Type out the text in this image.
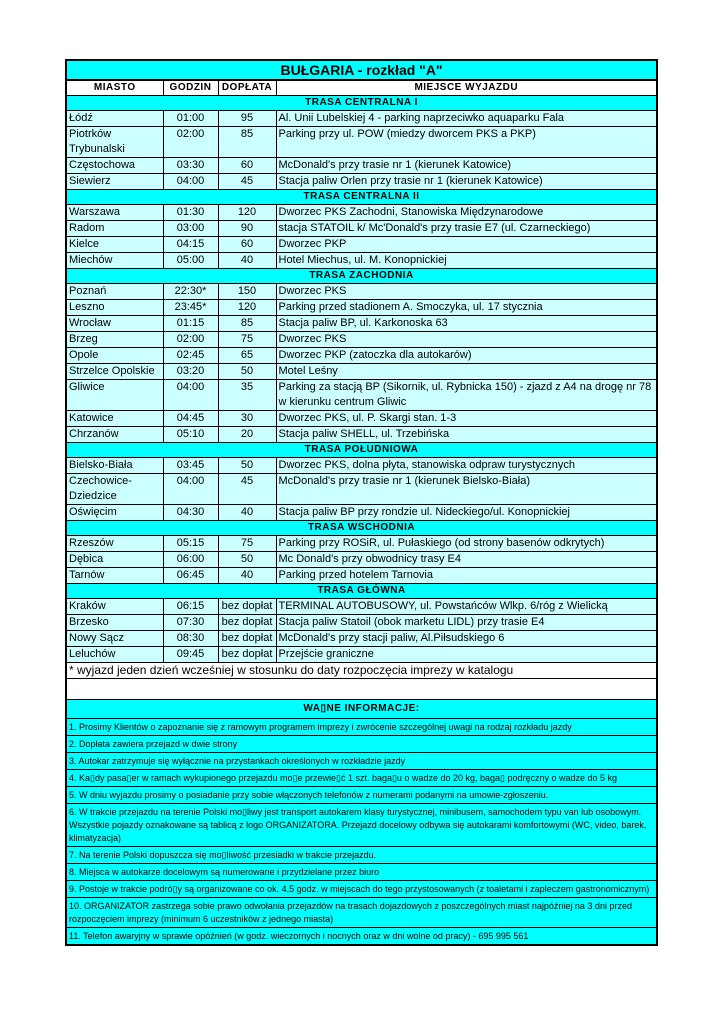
BUŁGARIA - rozkład "A"			
MIASTO	GODZIN	DOPŁATA	MIEJSCE WYJAZDU
TRASA CENTRALNA I			
Łódź	01:00	95	Al. Unii Lubelskiej 4 - parking naprzeciwko aquaparku Fala
Piotrków Trybunalski	02:00	85	Parking przy ul. POW (miedzy dworcem PKS a PKP)
Częstochowa	03:30	60	McDonald's przy trasie nr 1 (kierunek Katowice)
Siewierz	04:00	45	Stacja paliw Orlen przy trasie nr 1 (kierunek Katowice)
TRASA CENTRALNA II			
Warszawa	01:30	120	Dworzec PKS Zachodni, Stanowiska Międzynarodowe
Radom	03:00	90	stacja STATOIL k/ Mc'Donald's przy trasie E7 (ul. Czarneckiego)
Kielce	04:15	60	Dworzec PKP
Miechów	05:00	40	Hotel Miechus, ul. M. Konopnickiej
TRASA ZACHODNIA			
Poznań	22:30*	150	Dworzec PKS
Leszno	23:45*	120	Parking przed stadionem A. Smoczyka, ul. 17 stycznia
Wrocław	01:15	85	Stacja paliw BP, ul. Karkonoska 63
Brzeg	02:00	75	Dworzec PKS
Opole	02:45	65	Dworzec PKP (zatoczka dla autokarów)
Strzelce Opolskie	03:20	50	Motel Leśny
Gliwice	04:00	35	Parking za stacją BP (Sikornik, ul. Rybnicka 150) - zjazd z A4 na drogę nr 78 w kierunku centrum Gliwic
Katowice	04:45	30	Dworzec PKS, ul. P. Skargi stan. 1-3
Chrzanów	05:10	20	Stacja paliw SHELL, ul. Trzebińska
TRASA POŁUDNIOWA			
Bielsko-Biała	03:45	50	Dworzec PKS, dolna płyta, stanowiska odpraw turystycznych
Czechowice-Dziedzice	04:00	45	McDonald's przy trasie nr 1 (kierunek Bielsko-Biała)
Oświęcim	04:30	40	Stacja paliw BP przy rondzie ul. Nideckiego/ul. Konopnickiej
TRASA WSCHODNIA			
Rzeszów	05:15	75	Parking przy ROSiR, ul. Pułaskiego (od strony basenów odkrytych)
Dębica	06:00	50	Mc Donald's przy obwodnicy trasy E4
Tarnów	06:45	40	Parking przed hotelem Tarnovia
TRASA GŁÓWNA			
Kraków	06:15	bez dopłat	TERMINAL AUTOBUSOWY, ul. Powstańców Wlkp. 6/róg z Wielicką
Brzesko	07:30	bez dopłat	Stacja paliw Statoil (obok marketu LIDL) przy trasie E4
Nowy Sącz	08:30	bez dopłat	McDonald's przy stacji paliw, Al.Piłsudskiego 6
Leluchów	09:45	bez dopłat	Przejście graniczne
* wyjazd jeden dzień wcześniej w stosunku do daty rozpoczęcia imprezy w katalogu			

WA▯NE INFORMACJE:			
1. Prosimy Klientów o zapoznanie się z ramowym programem imprezy i zwrócenie szczególnej uwagi na rodzaj rozkładu jazdy			
2. Dopłata zawiera przejazd w dwie strony			
3. Autokar zatrzymuje się wyłącznie na przystankach określonych w rozkładzie jazdy			
4. Ka▯dy pasa▯er w ramach wykupionego przejazdu mo▯e przewie▯ć 1 szt. baga▯u o wadze do 20 kg, baga▯ podręczny o wadze do 5 kg			
5. W dniu wyjazdu prosimy o posiadanie przy sobie włączonych telefonów z numerami podanymi na umowie-zgłoszeniu.			
6. W trakcie przejazdu na terenie Polski mo▯liwy jest transport autokarem klasy turystycznej, minibusem, samochodem typu van lub osobowym. Wszystkie pojazdy oznakowane są tablicą z logo ORGANIZATORA. Przejazd docelowy odbywa się autokarami komfortowymi (WC, video, barek, klimatyzacja)			
7. Na terenie Polski dopuszcza się mo▯liwość przesiadki w trakcie przejazdu.			
8. Miejsca w autokarze docelowym są numerowane i przydzielane przez biuro			
9. Postoje w trakcie podró▯y są organizowane co ok. 4,5 godz. w miejscach do tego przystosowanych (z toaletami i zapleczem gastronomicznym)			
10. ORGANIZATOR zastrzega sobie prawo odwołania przejazdów na trasach dojazdowych z poszczególnych miast najpóźniej na 3 dni przed rozpoczęciem imprezy (minimum 6 uczestników z jednego miasta)			
11. Telefon awaryjny w sprawie opóźnień (w godz. wieczornych i nocnych oraz w dni wolne od pracy) - 695 995 561			
